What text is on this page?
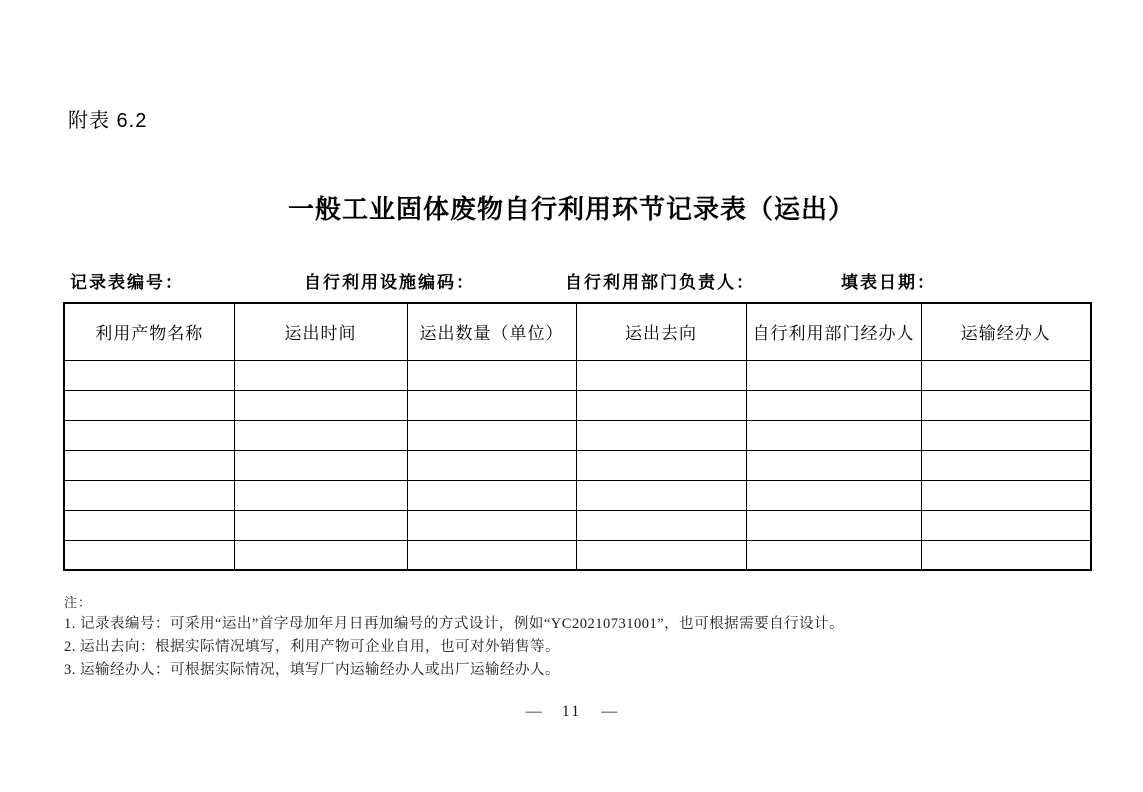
附表 6.2
一般工业固体废物自行利用环节记录表（运出）
记录表编号：	自行利用设施编码：	自行利用部门负责人：	填表日期：
利用产物名称	运出时间	运出数量（单位）	运出去向	自行利用部门经办人	运输经办人

注：
1. 记录表编号：可采用“运出”首字母加年月日再加编号的方式设计，例如“YC20210731001”，也可根据需要自行设计。
2. 运出去向：根据实际情况填写，利用产物可企业自用，也可对外销售等。
3. 运输经办人：可根据实际情况，填写厂内运输经办人或出厂运输经办人。
— 11 —
